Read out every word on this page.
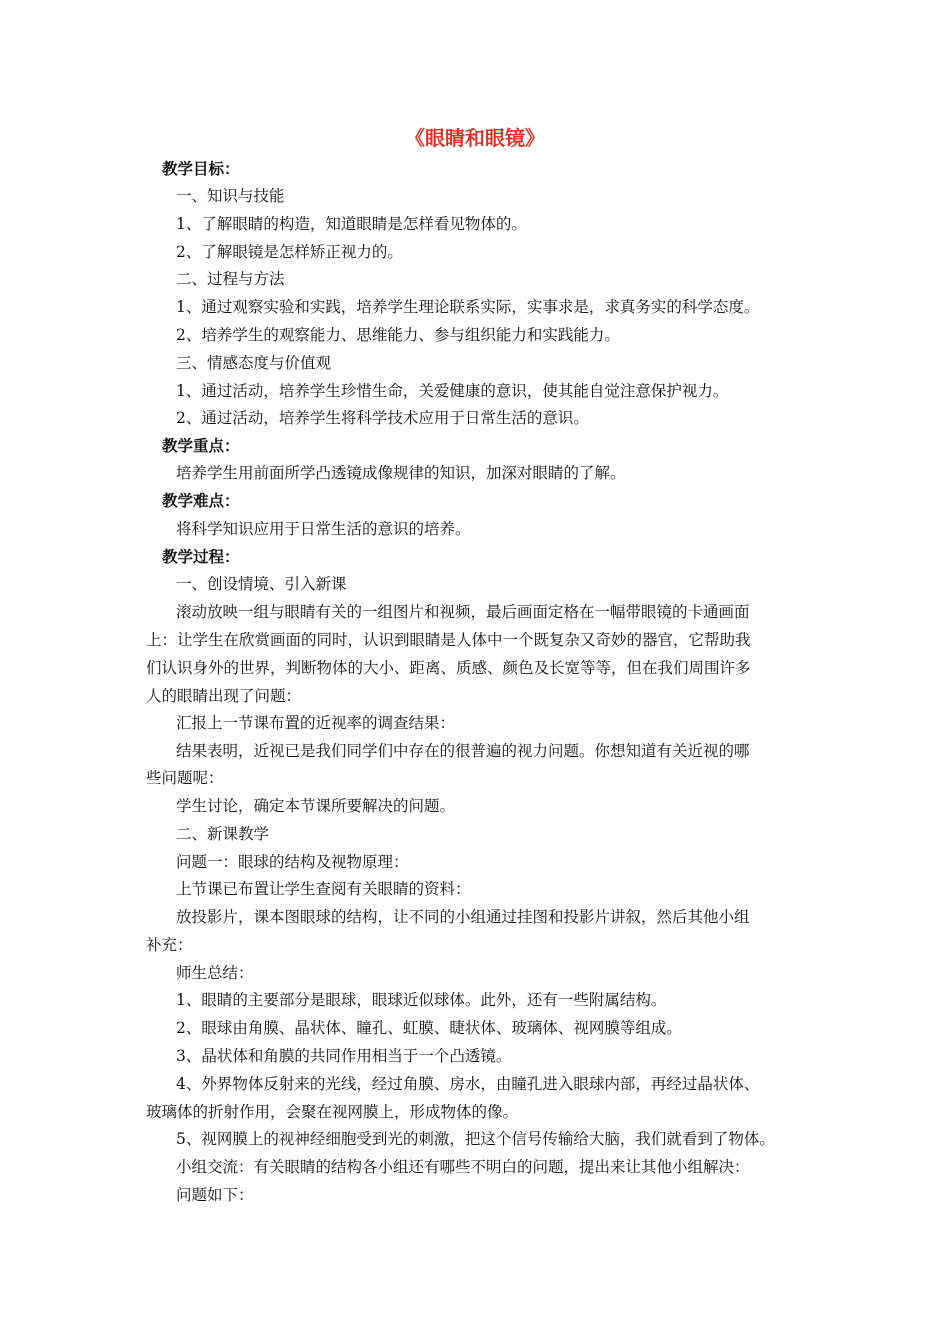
《眼睛和眼镜》
教学目标：
一、知识与技能
1、了解眼睛的构造，知道眼睛是怎样看见物体的。
2、了解眼镜是怎样矫正视力的。
二、过程与方法
1、通过观察实验和实践，培养学生理论联系实际，实事求是，求真务实的科学态度。
2、培养学生的观察能力、思维能力、参与组织能力和实践能力。
三、情感态度与价值观
1、通过活动，培养学生珍惜生命，关爱健康的意识，使其能自觉注意保护视力。
2、通过活动，培养学生将科学技术应用于日常生活的意识。
教学重点：
培养学生用前面所学凸透镜成像规律的知识，加深对眼睛的了解。
教学难点：
将科学知识应用于日常生活的意识的培养。
教学过程：
一、创设情境、引入新课
滚动放映一组与眼睛有关的一组图片和视频，最后画面定格在一幅带眼镜的卡通画面
上：让学生在欣赏画面的同时，认识到眼睛是人体中一个既复杂又奇妙的器官，它帮助我
们认识身外的世界，判断物体的大小、距离、质感、颜色及长宽等等，但在我们周围许多
人的眼睛出现了问题：
汇报上一节课布置的近视率的调查结果：
结果表明，近视已是我们同学们中存在的很普遍的视力问题。你想知道有关近视的哪
些问题呢：
学生讨论，确定本节课所要解决的问题。
二、新课教学
问题一：眼球的结构及视物原理：
上节课已布置让学生查阅有关眼睛的资料：
放投影片，课本图眼球的结构，让不同的小组通过挂图和投影片讲叙，然后其他小组
补充：
师生总结：
1、眼睛的主要部分是眼球，眼球近似球体。此外，还有一些附属结构。
2、眼球由角膜、晶状体、瞳孔、虹膜、睫状体、玻璃体、视网膜等组成。
3、晶状体和角膜的共同作用相当于一个凸透镜。
4、外界物体反射来的光线，经过角膜、房水，由瞳孔进入眼球内部，再经过晶状体、
玻璃体的折射作用，会聚在视网膜上，形成物体的像。
5、视网膜上的视神经细胞受到光的刺激，把这个信号传输给大脑，我们就看到了物体。
小组交流：有关眼睛的结构各小组还有哪些不明白的问题，提出来让其他小组解决：
问题如下：
